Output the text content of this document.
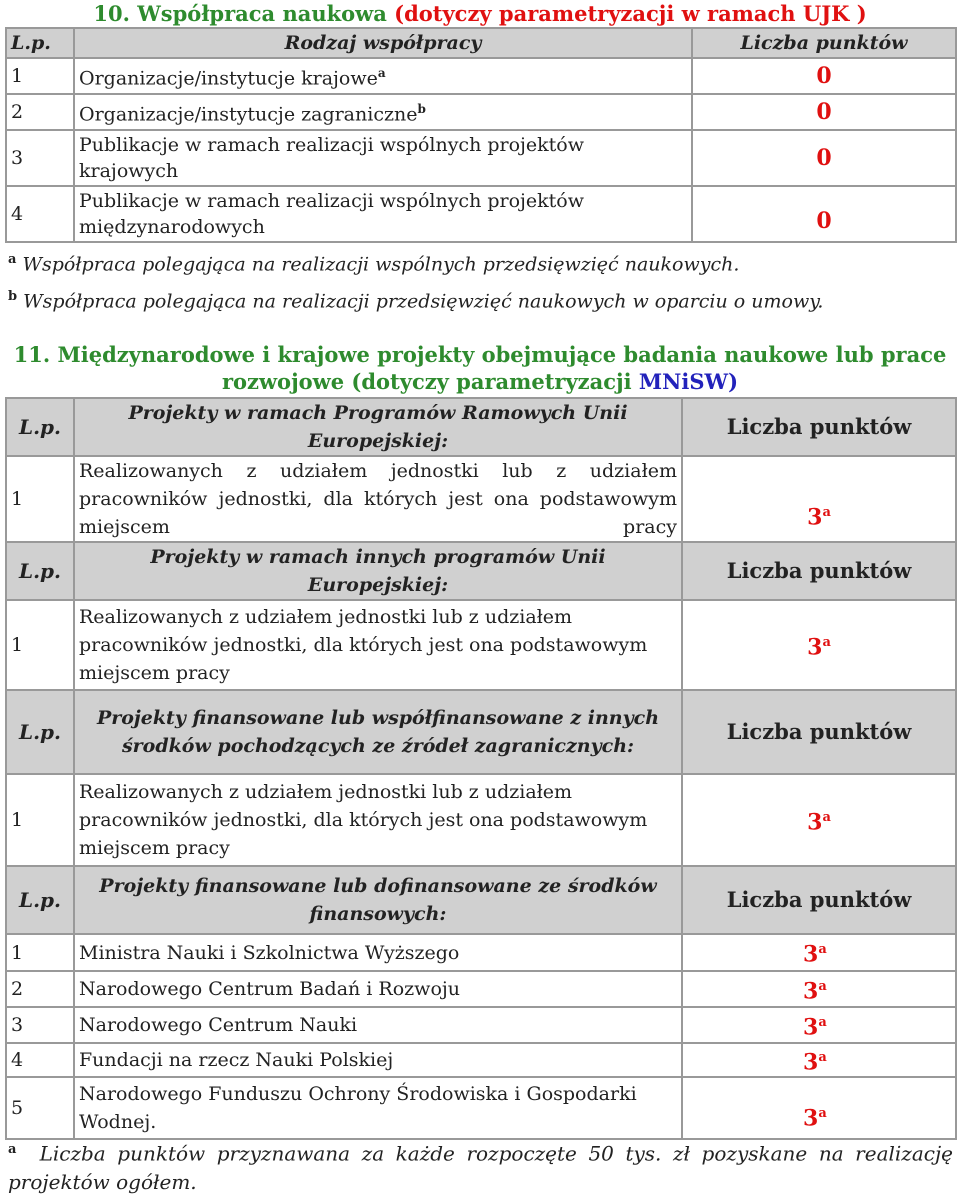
10. Współpraca naukowa (dotyczy parametryzacji w ramach UJK )
L.p.	Rodzaj współpracy	Liczba punktów
1	Organizacje/instytucje krajowe$^a$	0
2	Organizacje/instytucje zagraniczne$^b$	0
3	Publikacje w ramach realizacji wspólnych projektów krajowych	0
4	Publikacje w ramach realizacji wspólnych projektów międzynarodowych	0
$^a$ Współpraca polegająca na realizacji wspólnych przedsięwzięć naukowych.
$^b$ Współpraca polegająca na realizacji przedsięwzięć naukowych w oparciu o umowy.
11. Międzynarodowe i krajowe projekty obejmujące badania naukowe lub prace
rozwojowe (dotyczy parametryzacji MNiSW)
L.p.	Projekty w ramach Programów Ramowych Unii Europejskiej:	Liczba punktów
1	Realizowanych z udziałem jednostki lub z udziałem pracowników jednostki, dla których jest ona podstawowym miejscem pracy	3$^a$
L.p.	Projekty w ramach innych programów Unii Europejskiej:	Liczba punktów
1	Realizowanych z udziałem jednostki lub z udziałem pracowników jednostki, dla których jest ona podstawowym miejscem pracy	3$^a$
L.p.	Projekty finansowane lub współfinansowane z innych środków pochodzących ze źródeł zagranicznych:	Liczba punktów
1	Realizowanych z udziałem jednostki lub z udziałem pracowników jednostki, dla których jest ona podstawowym miejscem pracy	3$^a$
L.p.	Projekty finansowane lub dofinansowane ze środków finansowych:	Liczba punktów
1	Ministra Nauki i Szkolnictwa Wyższego	3$^a$
2	Narodowego Centrum Badań i Rozwoju	3$^a$
3	Narodowego Centrum Nauki	3$^a$
4	Fundacji na rzecz Nauki Polskiej	3$^a$
5	Narodowego Funduszu Ochrony Środowiska i Gospodarki Wodnej.	3$^a$
$^a$ Liczba punktów przyznawana za każde rozpoczęte 50 tys. zł pozyskane na realizację projektów ogółem.
